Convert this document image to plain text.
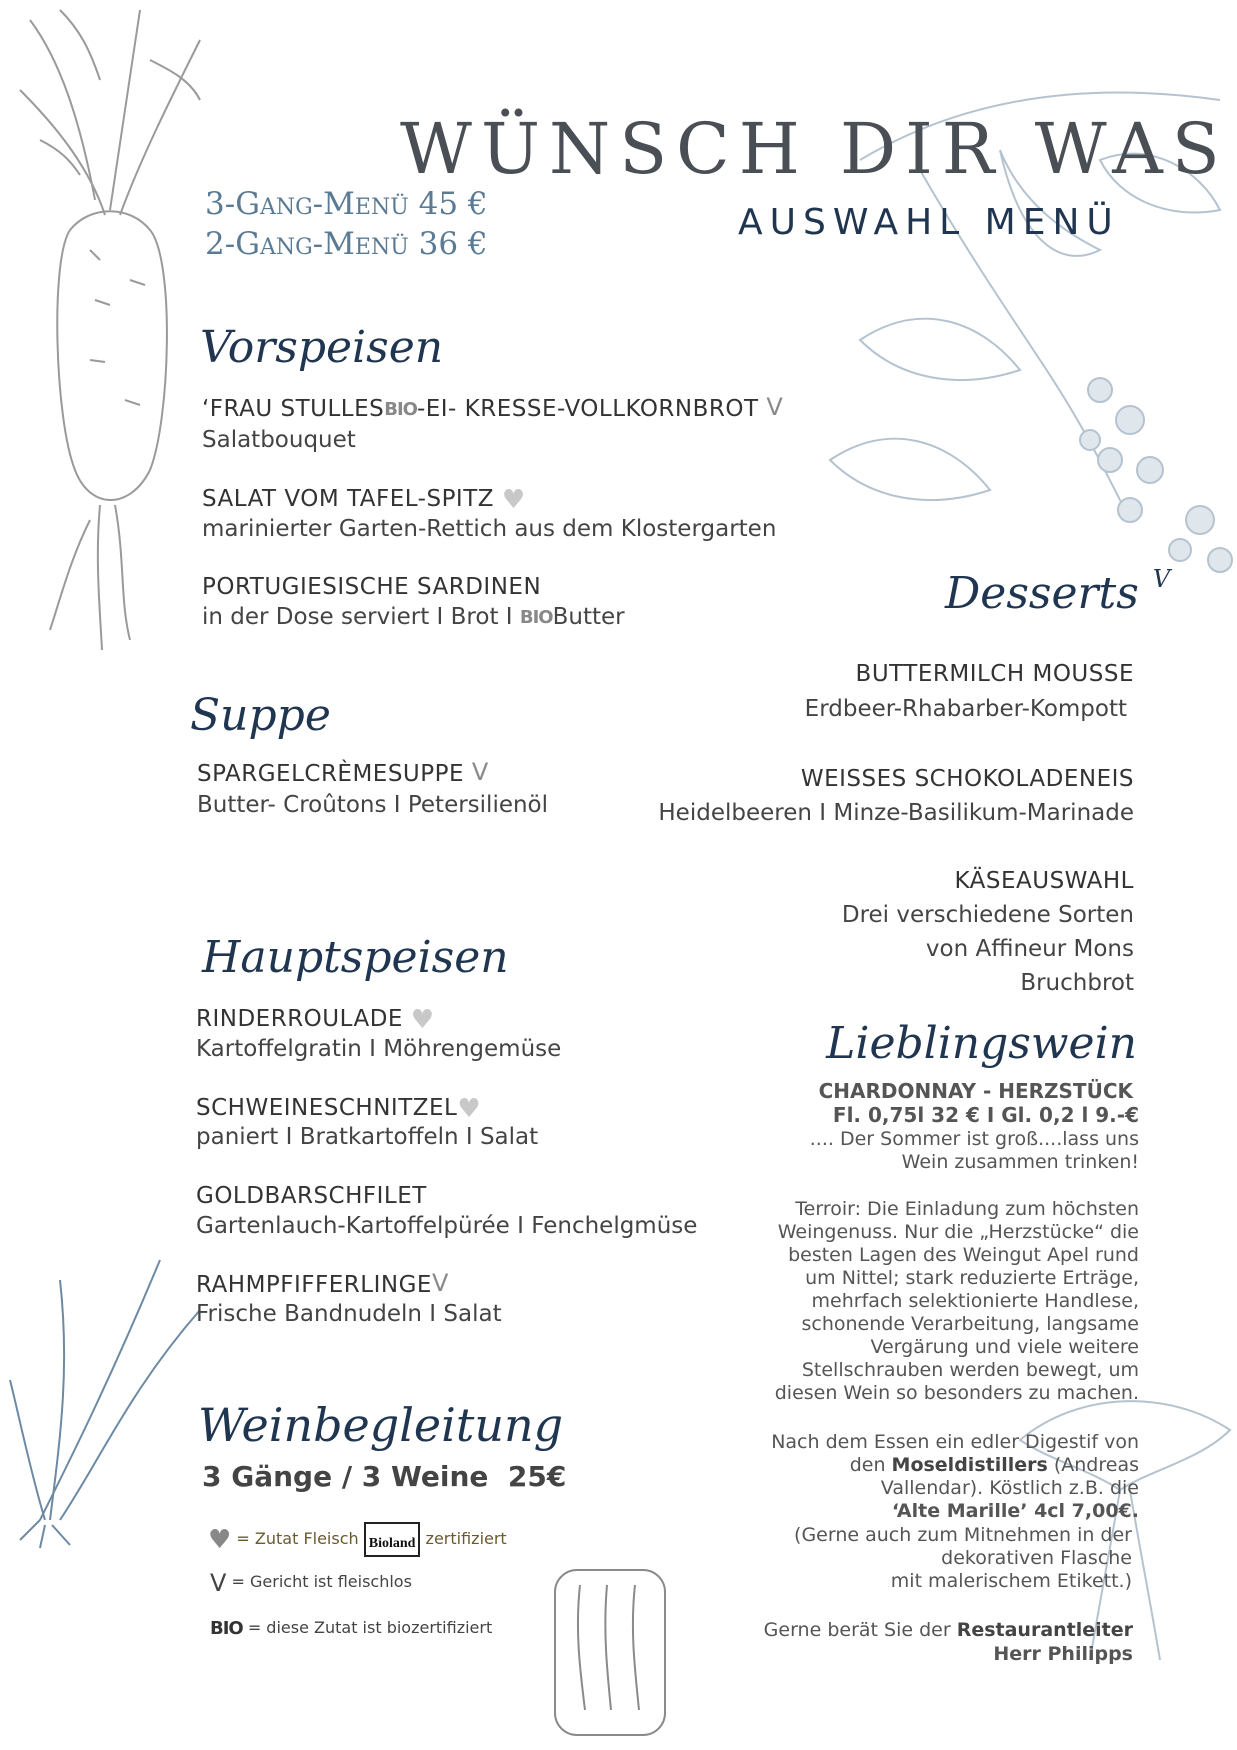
WÜNSCH DIR WAS
AUSWAHL MENÜ
3-Gang-Menü 45 €
2-Gang-Menü 36 €
Vorspeisen
‘FRAU STULLESBIO-EI- KRESSE-VOLLKORNBROT V
Salatbouquet
SALAT VOM TAFEL-SPITZ ♥
marinierter Garten-Rettich aus dem Klostergarten
PORTUGIESISCHE SARDINEN
in der Dose serviert I Brot I BIOButter
Suppe
SPARGELCRÈMESUPPE V
Butter- Croûtons I Petersilienöl
Hauptspeisen
RINDERROULADE ♥
Kartoffelgratin I Möhrengemüse
SCHWEINESCHNITZEL♥
paniert I Bratkartoffeln I Salat
GOLDBARSCHFILET
Gartenlauch-Kartoffelpürée I Fenchelgmüse
RAHMPFIFFERLINGEV
Frische Bandnudeln I Salat
Weinbegleitung
3 Gänge / 3 Weine  25€
♥ = Zutat Fleisch Bioland zertifiziert
V = Gericht ist fleischlos
BIO = diese Zutat ist biozertifiziert
Desserts V
BUTTERMILCH MOUSSE
Erdbeer-Rhabarber-Kompott
WEISSES SCHOKOLADENEIS
Heidelbeeren I Minze-Basilikum-Marinade
KÄSEAUSWAHL
Drei verschiedene Sorten
von Affineur Mons
Bruchbrot
Lieblingswein
CHARDONNAY - HERZSTÜCK
Fl. 0,75l 32 € I Gl. 0,2 l 9.-€
.... Der Sommer ist groß....lass uns
Wein zusammen trinken!
Terroir: Die Einladung zum höchsten
Weingenuss. Nur die „Herzstücke“ die
besten Lagen des Weingut Apel rund
um Nittel; stark reduzierte Erträge,
mehrfach selektionierte Handlese,
schonende Verarbeitung, langsame
Vergärung und viele weitere
Stellschrauben werden bewegt, um
diesen Wein so besonders zu machen.
Nach dem Essen ein edler Digestif von
den Moseldistillers (Andreas
Vallendar). Köstlich z.B. die
‘Alte Marille’ 4cl 7,00€.
(Gerne auch zum Mitnehmen in der
dekorativen Flasche
mit malerischem Etikett.)
Gerne berät Sie der Restaurantleiter
Herr Philipps
